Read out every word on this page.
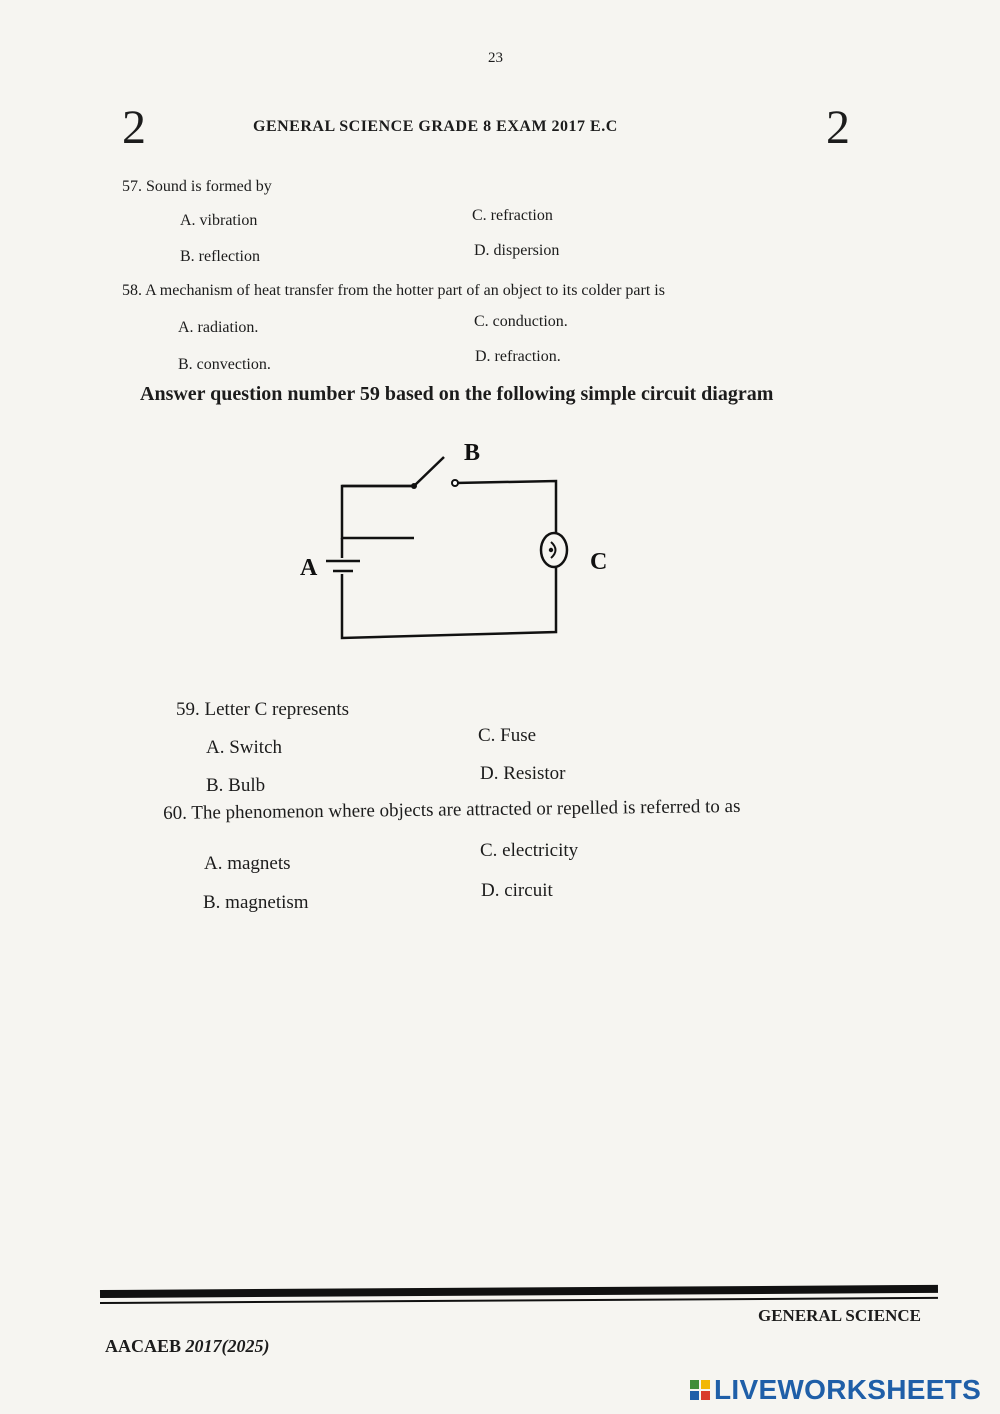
23
2	GENERAL SCIENCE GRADE 8 EXAM 2017 E.C	2
57. Sound is formed by
A. vibration	C. refraction
B. reflection	D. dispersion
58. A mechanism of heat transfer from the hotter part of an object to its colder part is
A. radiation.	C. conduction.
B. convection.	D. refraction.
Answer question number 59 based on the following simple circuit diagram
A
B
C
59. Letter C represents
A. Switch
C. Fuse
B. Bulb
D. Resistor
60. The phenomenon where objects are attracted or repelled is referred to as
A. magnets
C. electricity
B. magnetism
D. circuit
GENERAL SCIENCE
AACAEB 2017(2025)
LIVEWORKSHEETS
